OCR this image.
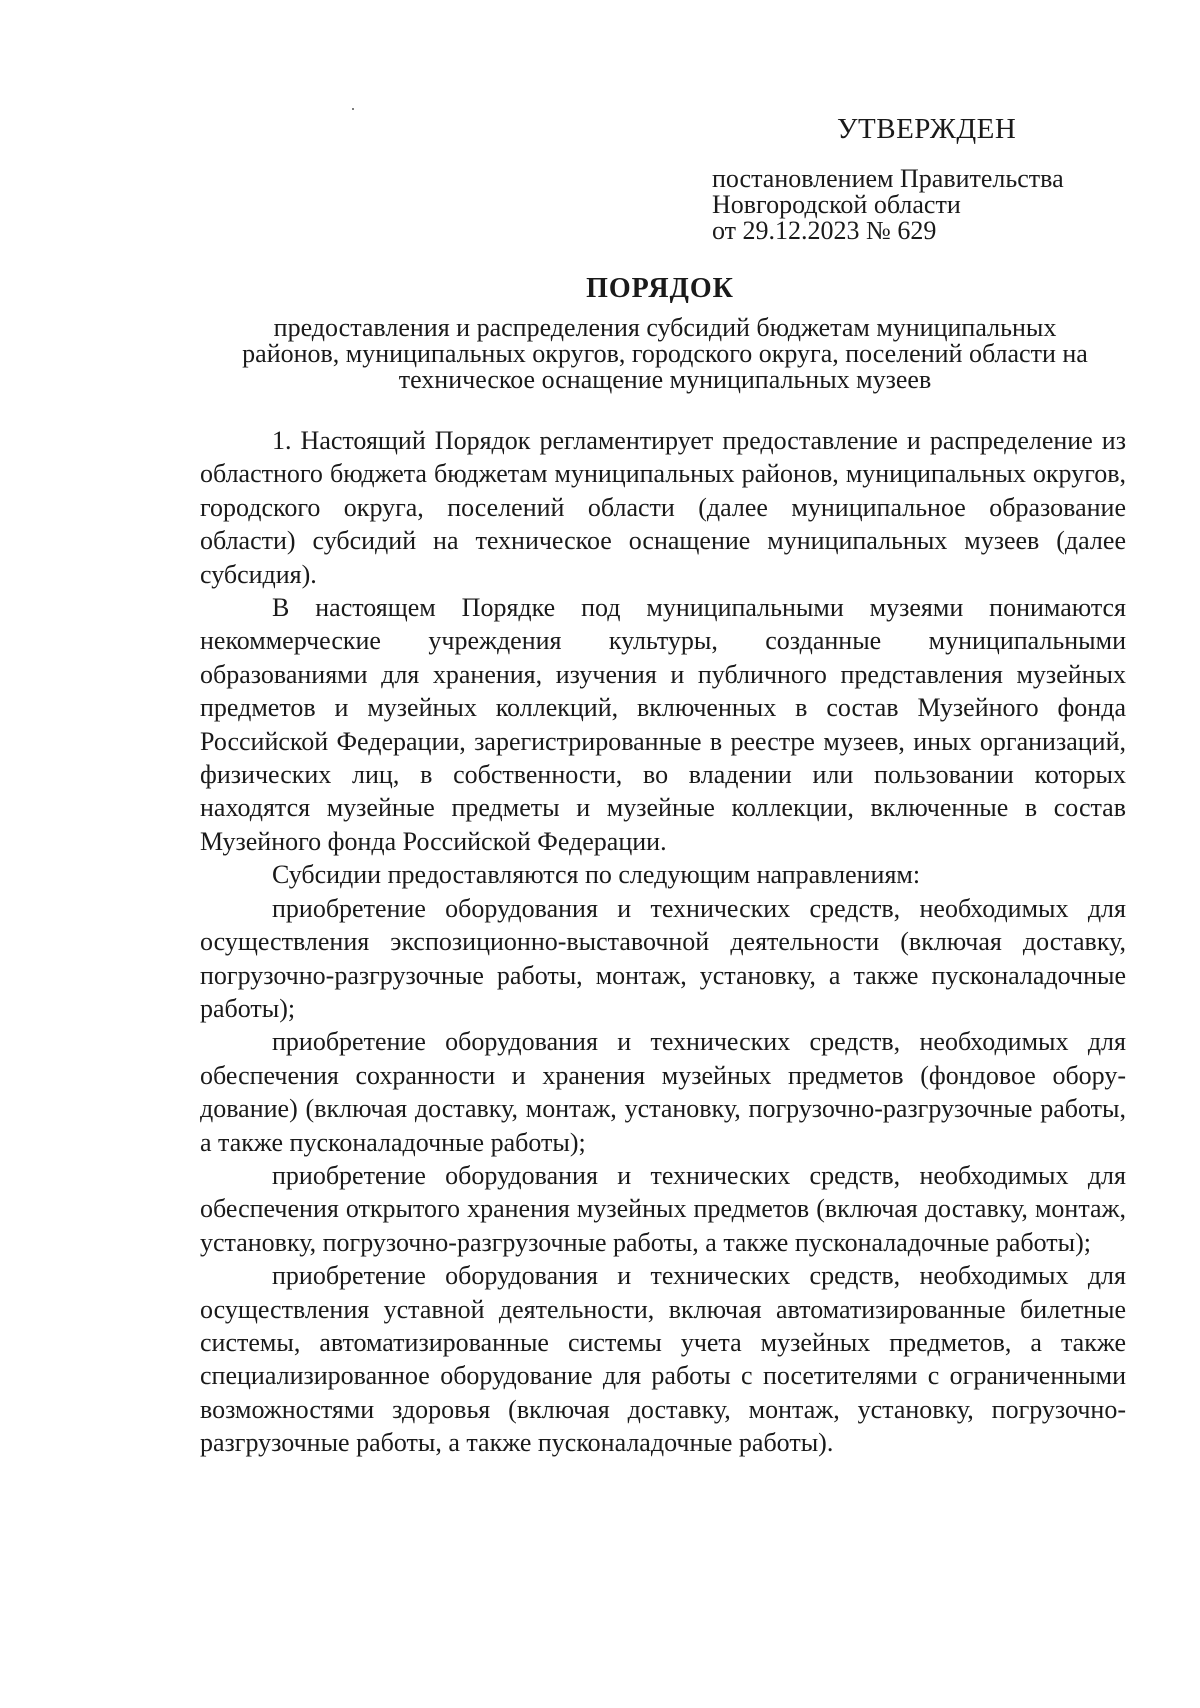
УТВЕРЖДЕН

постановлением Правительства

Новгородской области

от 29.12.2023 № 629

ПОРЯДОК
предоставления и распределения субсидий бюджетам муниципальных
районов, муниципальных округов, городского округа, поселений области на
техническое оснащение муниципальных музеев

1. Настоящий Порядок регламентирует предоставление и распределение из областного бюджета бюджетам муниципальных районов, муниципальных округов, городского округа, поселений области (далее муниципальное образование области) субсидий на техническое оснащение муниципальных музеев (далее субсидия).

В настоящем Порядке под муниципальными музеями понимаются некоммерческие учреждения культуры, созданные муниципальными образованиями для хранения, изучения и публичного представления музейных предметов и музейных коллекций, включенных в состав Музейного фонда Российской Федерации, зарегистрированные в реестре музеев, иных организаций, физических лиц, в собственности, во владении или пользовании которых находятся музейные предметы и музейные коллекции, включенные в состав Музейного фонда Российской Федерации.

Субсидии предоставляются по следующим направлениям:

приобретение оборудования и технических средств, необходимых для осуществления экспозиционно-выставочной деятельности (включая доставку, погрузочно-разгрузочные работы, монтаж, установку, а также пусконаладочные работы);

приобретение оборудования и технических средств, необходимых для обеспечения сохранности и хранения музейных предметов (фондовое оборудование) (включая доставку, монтаж, установку, погрузочно-разгрузочные работы, а также пусконаладочные работы);

приобретение оборудования и технических средств, необходимых для обеспечения открытого хранения музейных предметов (включая доставку, монтаж, установку, погрузочно-разгрузочные работы, а также пусконаладочные работы);

приобретение оборудования и технических средств, необходимых для осуществления уставной деятельности, включая автоматизированные билетные системы, автоматизированные системы учета музейных предметов, а также специализированное оборудование для работы с посетителями с ограниченными возможностями здоровья (включая доставку, монтаж, установку, погрузочно-разгрузочные работы, а также пусконаладочные работы).
